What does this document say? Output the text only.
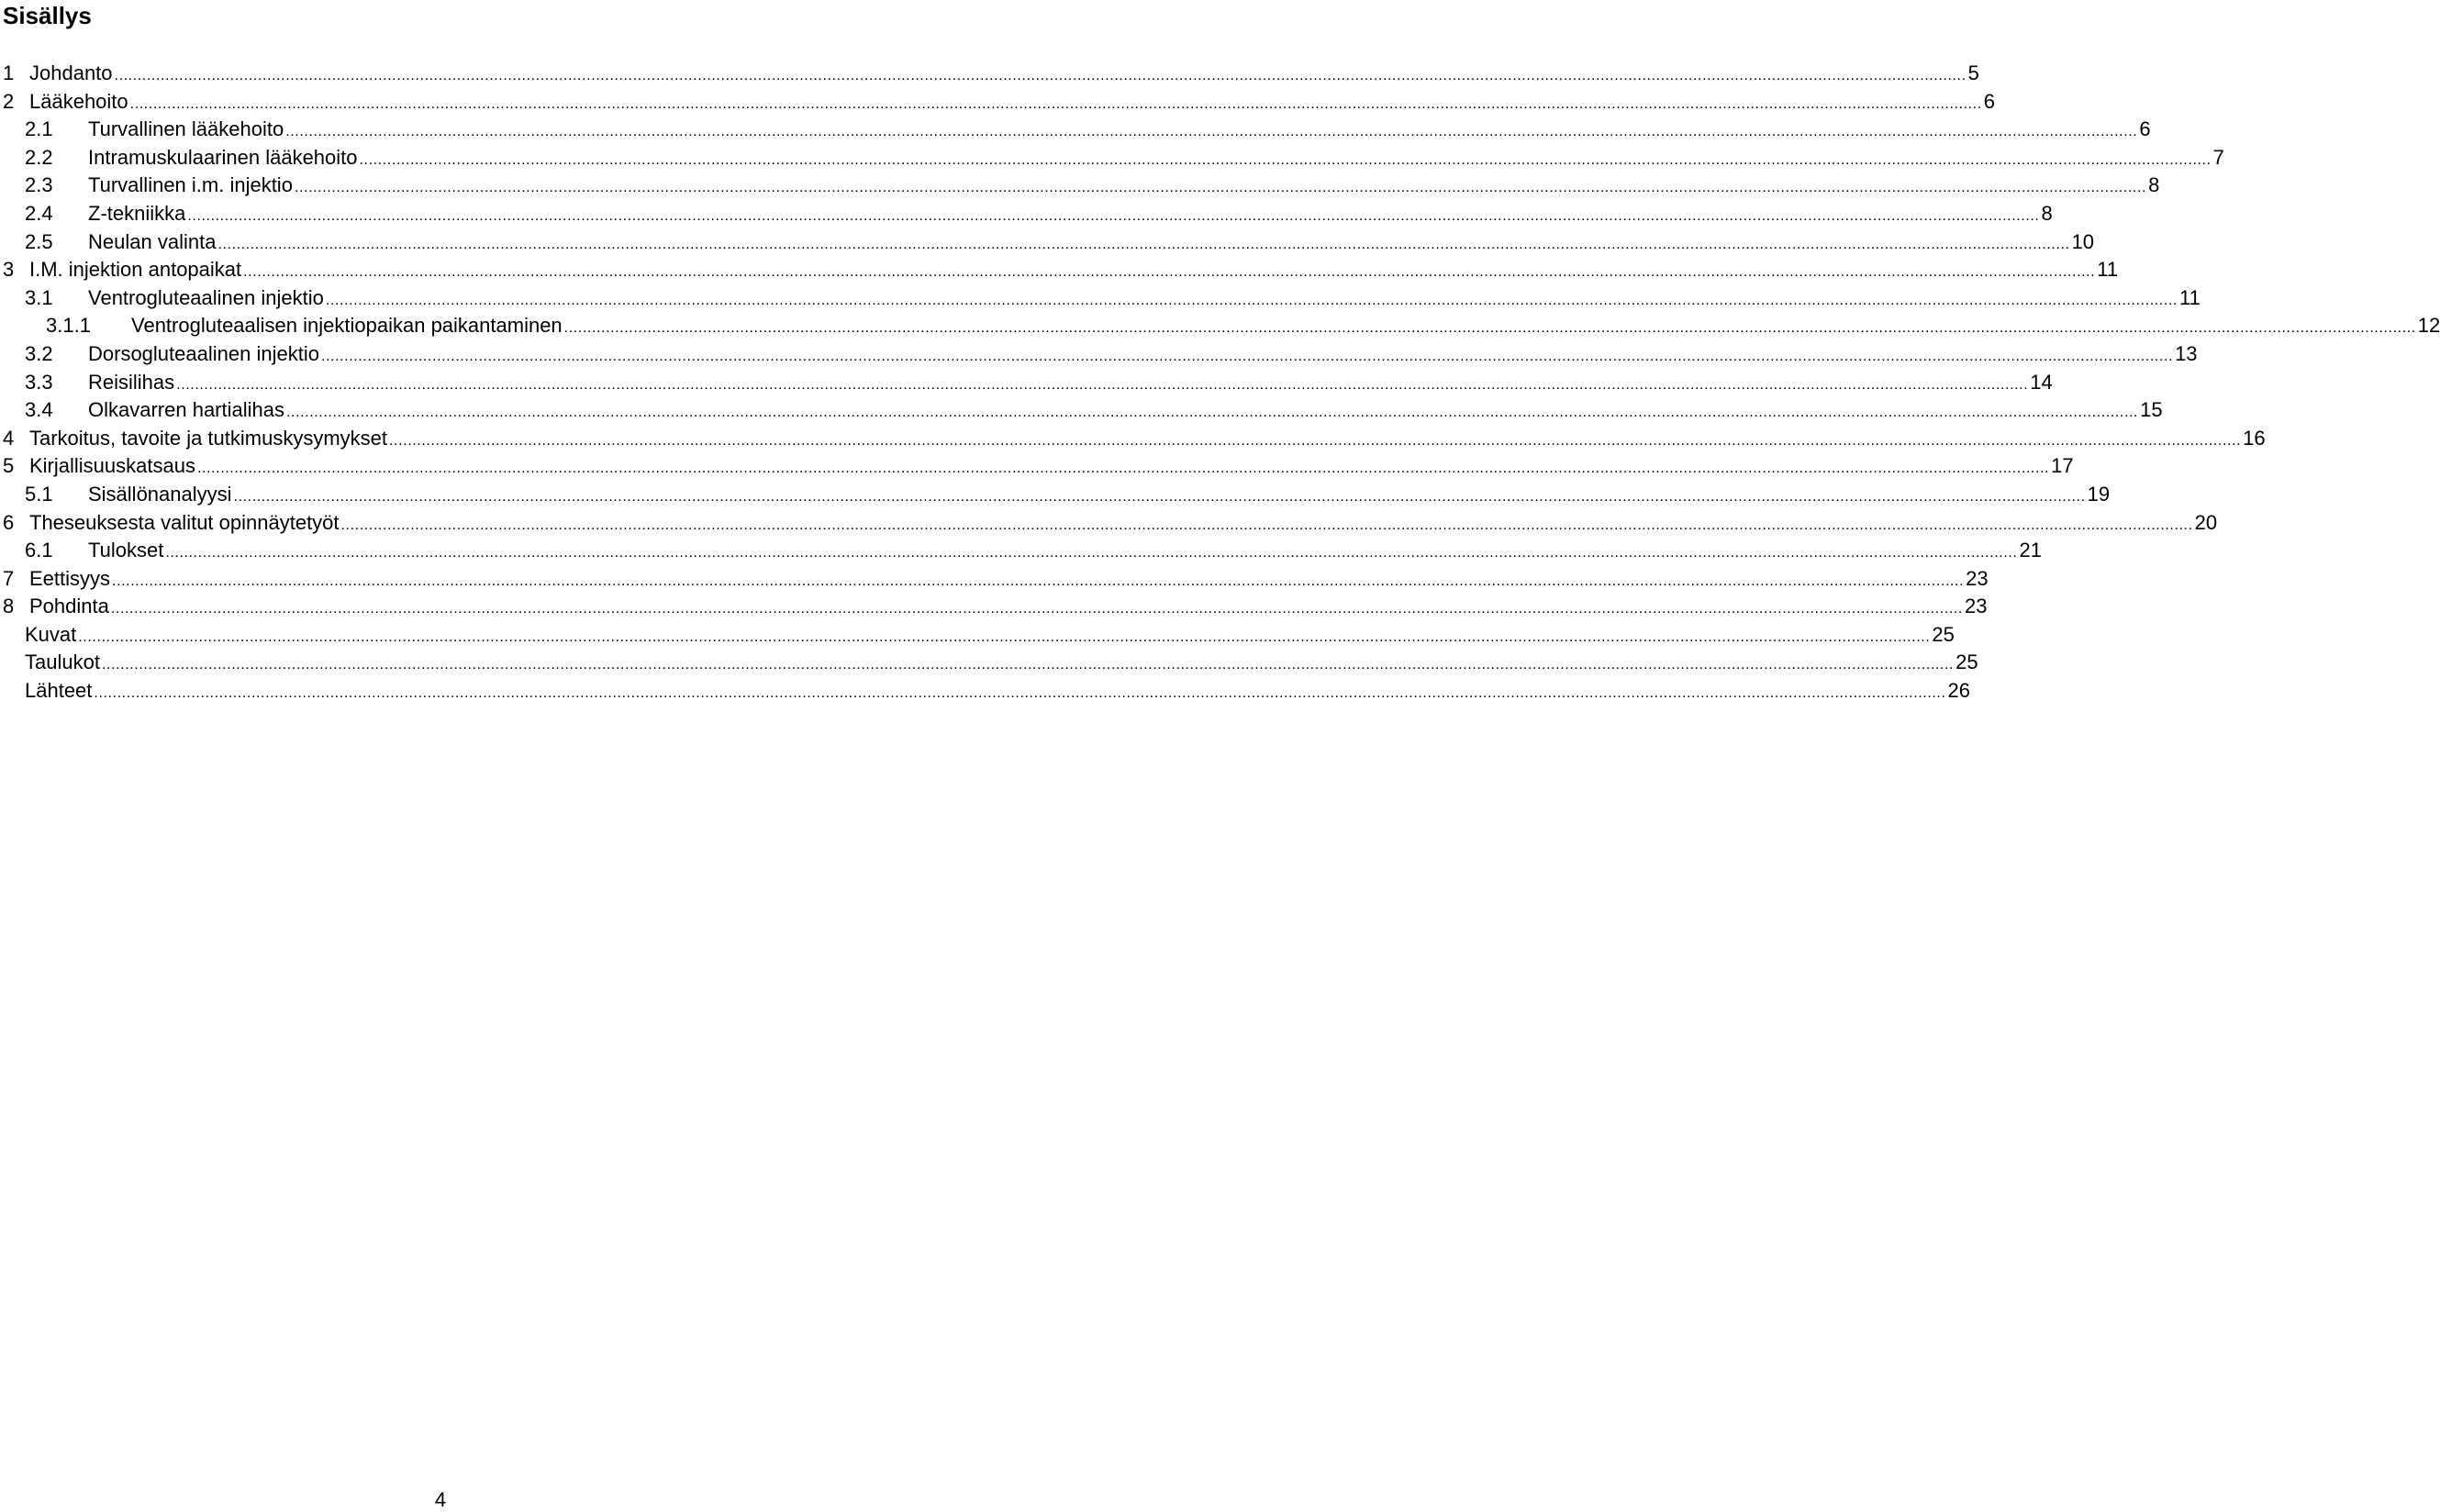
Sisällys
1 Johdanto ................................................................................................................................................................................................................................................................................................................................................................................................................ 5
2 Lääkehoito ................................................................................................................................................................................................................................................................................................................................................................................................................ 6
2.1 Turvallinen lääkehoito ................................................................................................................................................................................................................................................................................................................................................................................................................ 6
2.2 Intramuskulaarinen lääkehoito ................................................................................................................................................................................................................................................................................................................................................................................................................ 7
2.3 Turvallinen i.m. injektio ................................................................................................................................................................................................................................................................................................................................................................................................................ 8
2.4 Z-tekniikka ................................................................................................................................................................................................................................................................................................................................................................................................................ 8
2.5 Neulan valinta ................................................................................................................................................................................................................................................................................................................................................................................................................ 10
3 I.M. injektion antopaikat ................................................................................................................................................................................................................................................................................................................................................................................................................ 11
3.1 Ventrogluteaalinen injektio ................................................................................................................................................................................................................................................................................................................................................................................................................ 11
3.1.1 Ventrogluteaalisen injektiopaikan paikantaminen ................................................................................................................................................................................................................................................................................................................................................................................................................ 12
3.2 Dorsogluteaalinen injektio ................................................................................................................................................................................................................................................................................................................................................................................................................ 13
3.3 Reisilihas ................................................................................................................................................................................................................................................................................................................................................................................................................ 14
3.4 Olkavarren hartialihas ................................................................................................................................................................................................................................................................................................................................................................................................................ 15
4 Tarkoitus, tavoite ja tutkimuskysymykset ................................................................................................................................................................................................................................................................................................................................................................................................................ 16
5 Kirjallisuuskatsaus ................................................................................................................................................................................................................................................................................................................................................................................................................ 17
5.1 Sisällönanalyysi ................................................................................................................................................................................................................................................................................................................................................................................................................ 19
6 Theseuksesta valitut opinnäytetyöt ................................................................................................................................................................................................................................................................................................................................................................................................................ 20
6.1 Tulokset ................................................................................................................................................................................................................................................................................................................................................................................................................ 21
7 Eettisyys ................................................................................................................................................................................................................................................................................................................................................................................................................ 23
8 Pohdinta ................................................................................................................................................................................................................................................................................................................................................................................................................ 23
Kuvat ................................................................................................................................................................................................................................................................................................................................................................................................................ 25
Taulukot ................................................................................................................................................................................................................................................................................................................................................................................................................ 25
Lähteet ................................................................................................................................................................................................................................................................................................................................................................................................................ 26
4
